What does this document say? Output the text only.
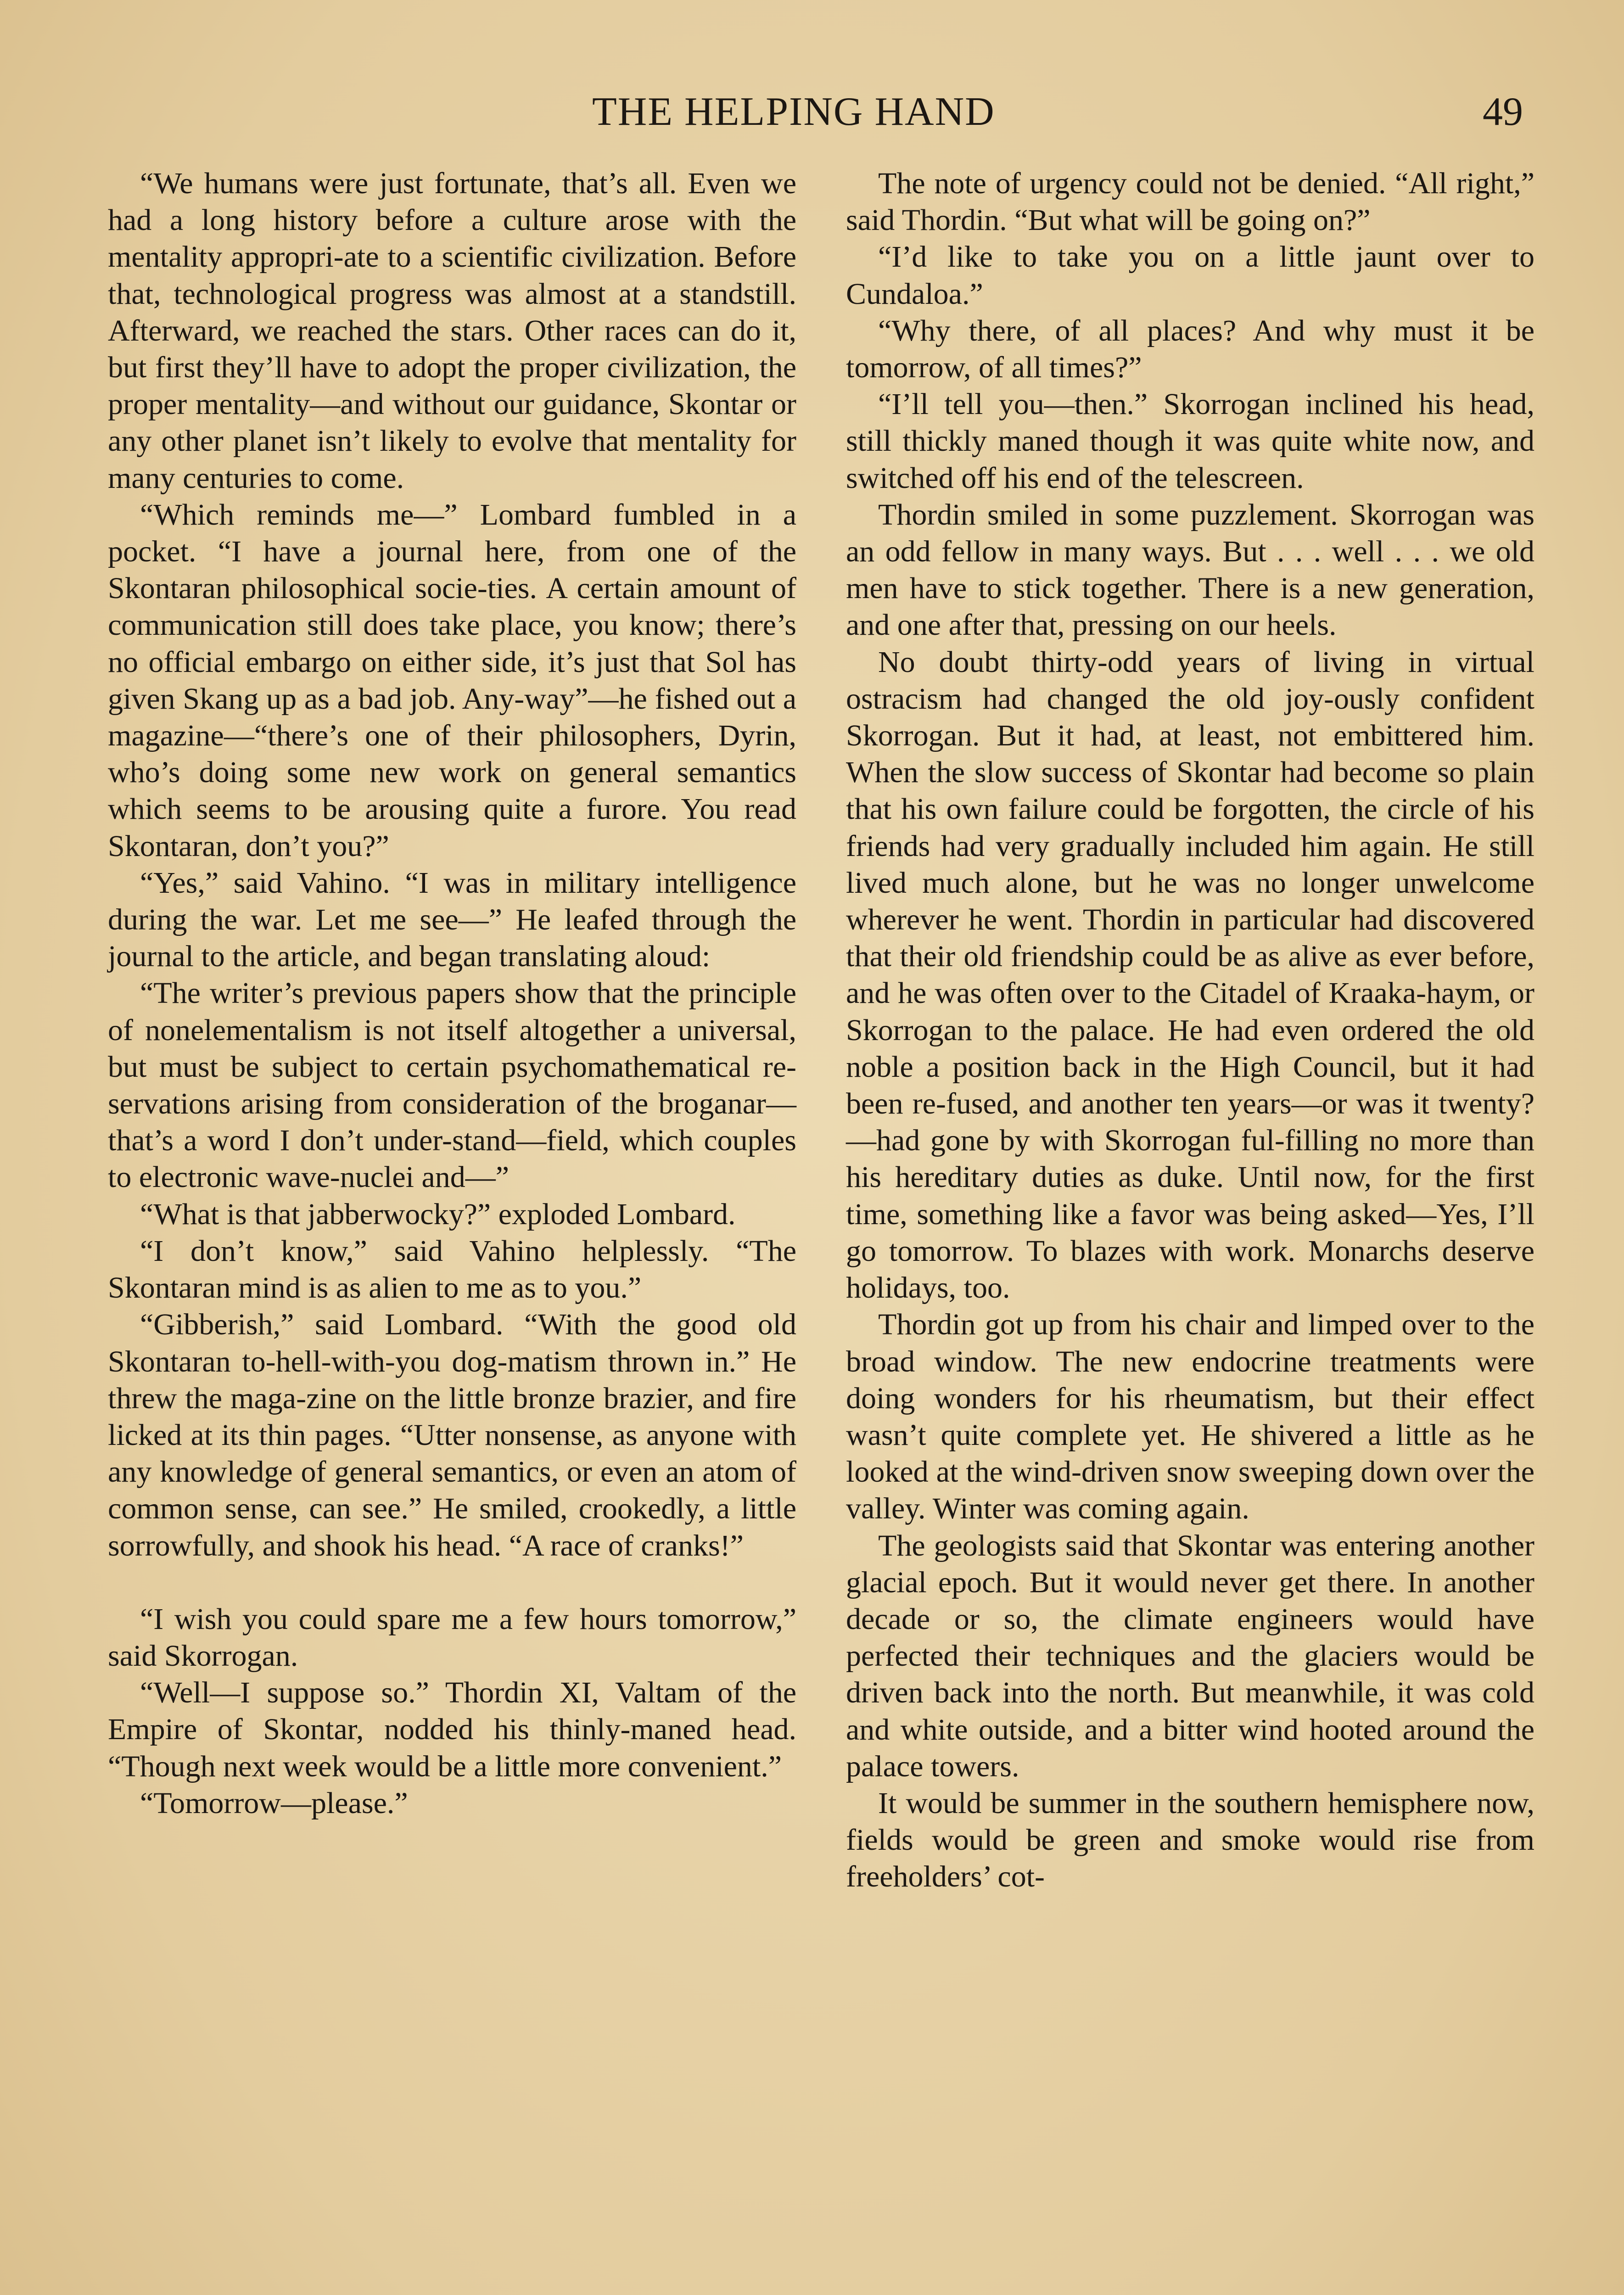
THE HELPING HAND	49

“We humans were just fortunate, that’s all. Even we had a long history before a culture arose with the mentality appropri-ate to a scientific civilization. Before that, technological progress was almost at a standstill. Afterward, we reached the stars. Other races can do it, but first they’ll have to adopt the proper civilization, the proper mentality—and without our guidance, Skontar or any other planet isn’t likely to evolve that mentality for many centuries to come.

“Which reminds me—” Lombard fumbled in a pocket. “I have a journal here, from one of the Skontaran philosophical socie-ties. A certain amount of communication still does take place, you know; there’s no official embargo on either side, it’s just that Sol has given Skang up as a bad job. Any-way”—he fished out a magazine—“there’s one of their philosophers, Dyrin, who’s doing some new work on general semantics which seems to be arousing quite a furore. You read Skontaran, don’t you?”

“Yes,” said Vahino. “I was in military intelligence during the war. Let me see—” He leafed through the journal to the article, and began translating aloud:

“The writer’s previous papers show that the principle of nonelementalism is not itself altogether a universal, but must be subject to certain psychomathematical re-servations arising from consideration of the broganar—that’s a word I don’t under-stand—field, which couples to electronic wave-nuclei and—”

“What is that jabberwocky?” exploded Lombard.

“I don’t know,” said Vahino helplessly. “The Skontaran mind is as alien to me as to you.”

“Gibberish,” said Lombard. “With the good old Skontaran to-hell-with-you dog-matism thrown in.” He threw the maga-zine on the little bronze brazier, and fire licked at its thin pages. “Utter nonsense, as anyone with any knowledge of general semantics, or even an atom of common sense, can see.” He smiled, crookedly, a little sorrowfully, and shook his head. “A race of cranks!”

“I wish you could spare me a few hours tomorrow,” said Skorrogan.

“Well—I suppose so.” Thordin XI, Valtam of the Empire of Skontar, nodded his thinly-maned head. “Though next week would be a little more convenient.”

“Tomorrow—please.”

The note of urgency could not be denied. “All right,” said Thordin. “But what will be going on?”

“I’d like to take you on a little jaunt over to Cundaloa.”

“Why there, of all places? And why must it be tomorrow, of all times?”

“I’ll tell you—then.” Skorrogan inclined his head, still thickly maned though it was quite white now, and switched off his end of the telescreen.

Thordin smiled in some puzzlement. Skorrogan was an odd fellow in many ways. But . . . well . . . we old men have to stick together. There is a new generation, and one after that, pressing on our heels.

No doubt thirty-odd years of living in virtual ostracism had changed the old joy-ously confident Skorrogan. But it had, at least, not embittered him. When the slow success of Skontar had become so plain that his own failure could be forgotten, the circle of his friends had very gradually included him again. He still lived much alone, but he was no longer unwelcome wherever he went. Thordin in particular had discovered that their old friendship could be as alive as ever before, and he was often over to the Citadel of Kraaka-haym, or Skorrogan to the palace. He had even ordered the old noble a position back in the High Council, but it had been re-fused, and another ten years—or was it twenty?—had gone by with Skorrogan ful-filling no more than his hereditary duties as duke. Until now, for the first time, something like a favor was being asked—Yes, I’ll go tomorrow. To blazes with work. Monarchs deserve holidays, too.

Thordin got up from his chair and limped over to the broad window. The new endocrine treatments were doing wonders for his rheumatism, but their effect wasn’t quite complete yet. He shivered a little as he looked at the wind-driven snow sweeping down over the valley. Winter was coming again.

The geologists said that Skontar was entering another glacial epoch. But it would never get there. In another decade or so, the climate engineers would have perfected their techniques and the glaciers would be driven back into the north. But meanwhile, it was cold and white outside, and a bitter wind hooted around the palace towers.

It would be summer in the southern hemisphere now, fields would be green and smoke would rise from freeholders’ cot-
